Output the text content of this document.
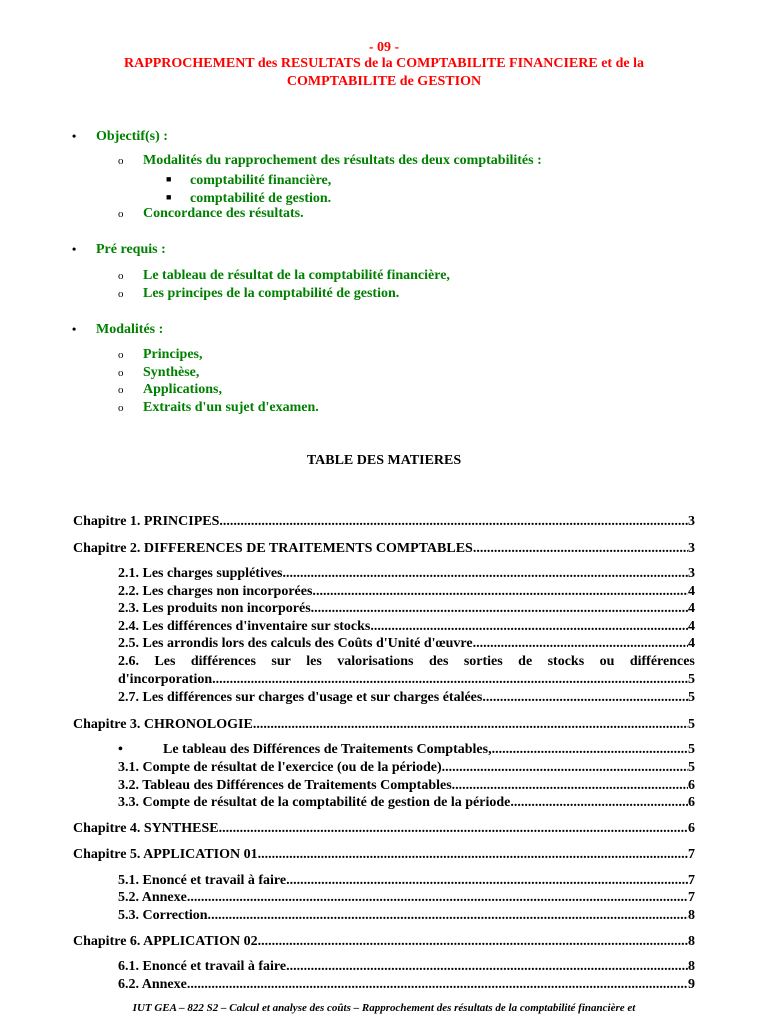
- 09 -
RAPPROCHEMENT des RESULTATS de la COMPTABILITE FINANCIERE et de la
COMPTABILITE de GESTION
• Objectif(s) :
o Modalités du rapprochement des résultats des deux comptabilités :
■ comptabilité financière,
■ comptabilité de gestion.
o Concordance des résultats.
• Pré requis :
o Le tableau de résultat de la comptabilité financière,
o Les principes de la comptabilité de gestion.
• Modalités :
o Principes,
o Synthèse,
o Applications,
o Extraits d'un sujet d'examen.
TABLE DES MATIERES
Chapitre 1. PRINCIPES .....	3
Chapitre 2. DIFFERENCES DE TRAITEMENTS COMPTABLES. .....	3
2.1. Les charges supplétives. .....	3
2.2. Les charges non incorporées. .....	4
2.3. Les produits non incorporés. .....	4
2.4. Les différences d'inventaire sur stocks. .....	4
2.5. Les arrondis lors des calculs des Coûts d'Unité d'œuvre. .....	4
2.6. Les différences sur les valorisations des sorties de stocks ou différences
d'incorporation. .....	5
2.7. Les différences sur charges d'usage et sur charges étalées. .....	5
Chapitre 3. CHRONOLOGIE. .....	5
•	Le tableau des Différences de Traitements Comptables, .....	5
3.1. Compte de résultat de l'exercice (ou de la période). .....	5
3.2. Tableau des Différences de Traitements Comptables .....	6
3.3. Compte de résultat de la comptabilité de gestion de la période. .....	6
Chapitre 4. SYNTHESE. .....	6
Chapitre 5. APPLICATION 01. .....	7
5.1. Enoncé et travail à faire. .....	7
5.2. Annexe. .....	7
5.3. Correction. .....	8
Chapitre 6. APPLICATION 02. .....	8
6.1. Enoncé et travail à faire. .....	8
6.2. Annexe. .....	9
IUT GEA – 822 S2 – Calcul et analyse des coûts – Rapprochement des résultats de la comptabilité financière et
